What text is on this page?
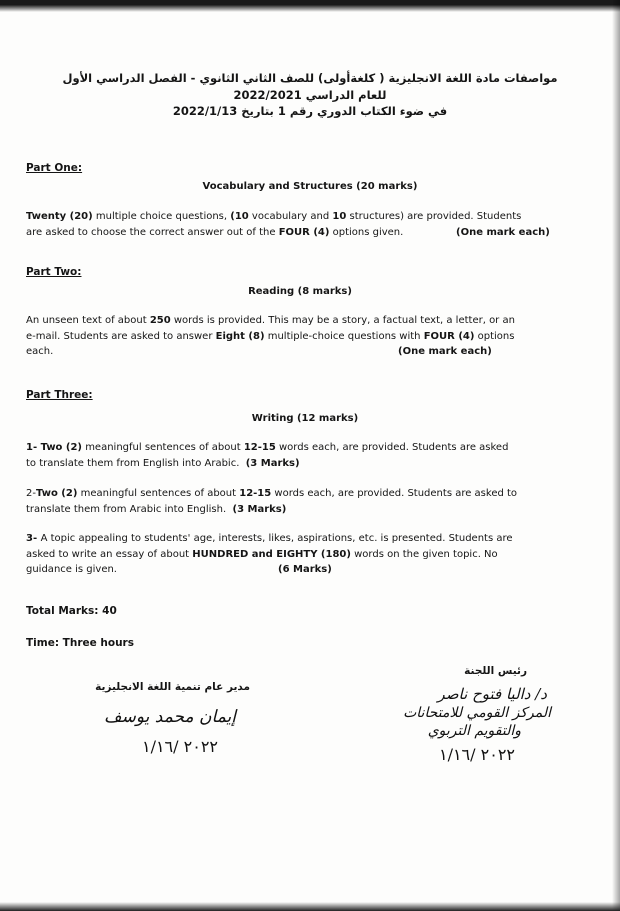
مواصفات مادة اللغة الانجليزية ( كلغةأولى) للصف الثاني الثانوي - الفصل الدراسي الأول
للعام الدراسي 2022/2021
في ضوء الكتاب الدوري رقم 1 بتاريخ 2022/1/13
Part One:
Vocabulary and Structures (20 marks)
Twenty (20) multiple choice questions, (10 vocabulary and 10 structures) are provided. Students
are asked to choose the correct answer out of the FOUR (4) options given.	(One mark each)
Part Two:
Reading (8 marks)
An unseen text of about 250 words is provided. This may be a story, a factual text, a letter, or an
e-mail. Students are asked to answer Eight (8) multiple-choice questions with FOUR (4) options
each.	(One mark each)
Part Three:
Writing (12 marks)
1- Two (2) meaningful sentences of about 12-15 words each, are provided. Students are asked
to translate them from English into Arabic. (3 Marks)
2-Two (2) meaningful sentences of about 12-15 words each, are provided. Students are asked to
translate them from Arabic into English. (3 Marks)
3- A topic appealing to students' age, interests, likes, aspirations, etc. is presented. Students are
asked to write an essay of about HUNDRED and EIGHTY (180) words on the given topic. No
guidance is given.	(6 Marks)
Total Marks: 40
Time: Three hours
مدير عام تنمية اللغة الانجليزية
إيمان محمد يوسف
٢٠٢٢ /١/١٦
رئيس اللجنة
د/ داليا فتوح ناصر
المركز القومي للامتحانات
والتقويم التربوي
٢٠٢٢ /١/١٦
